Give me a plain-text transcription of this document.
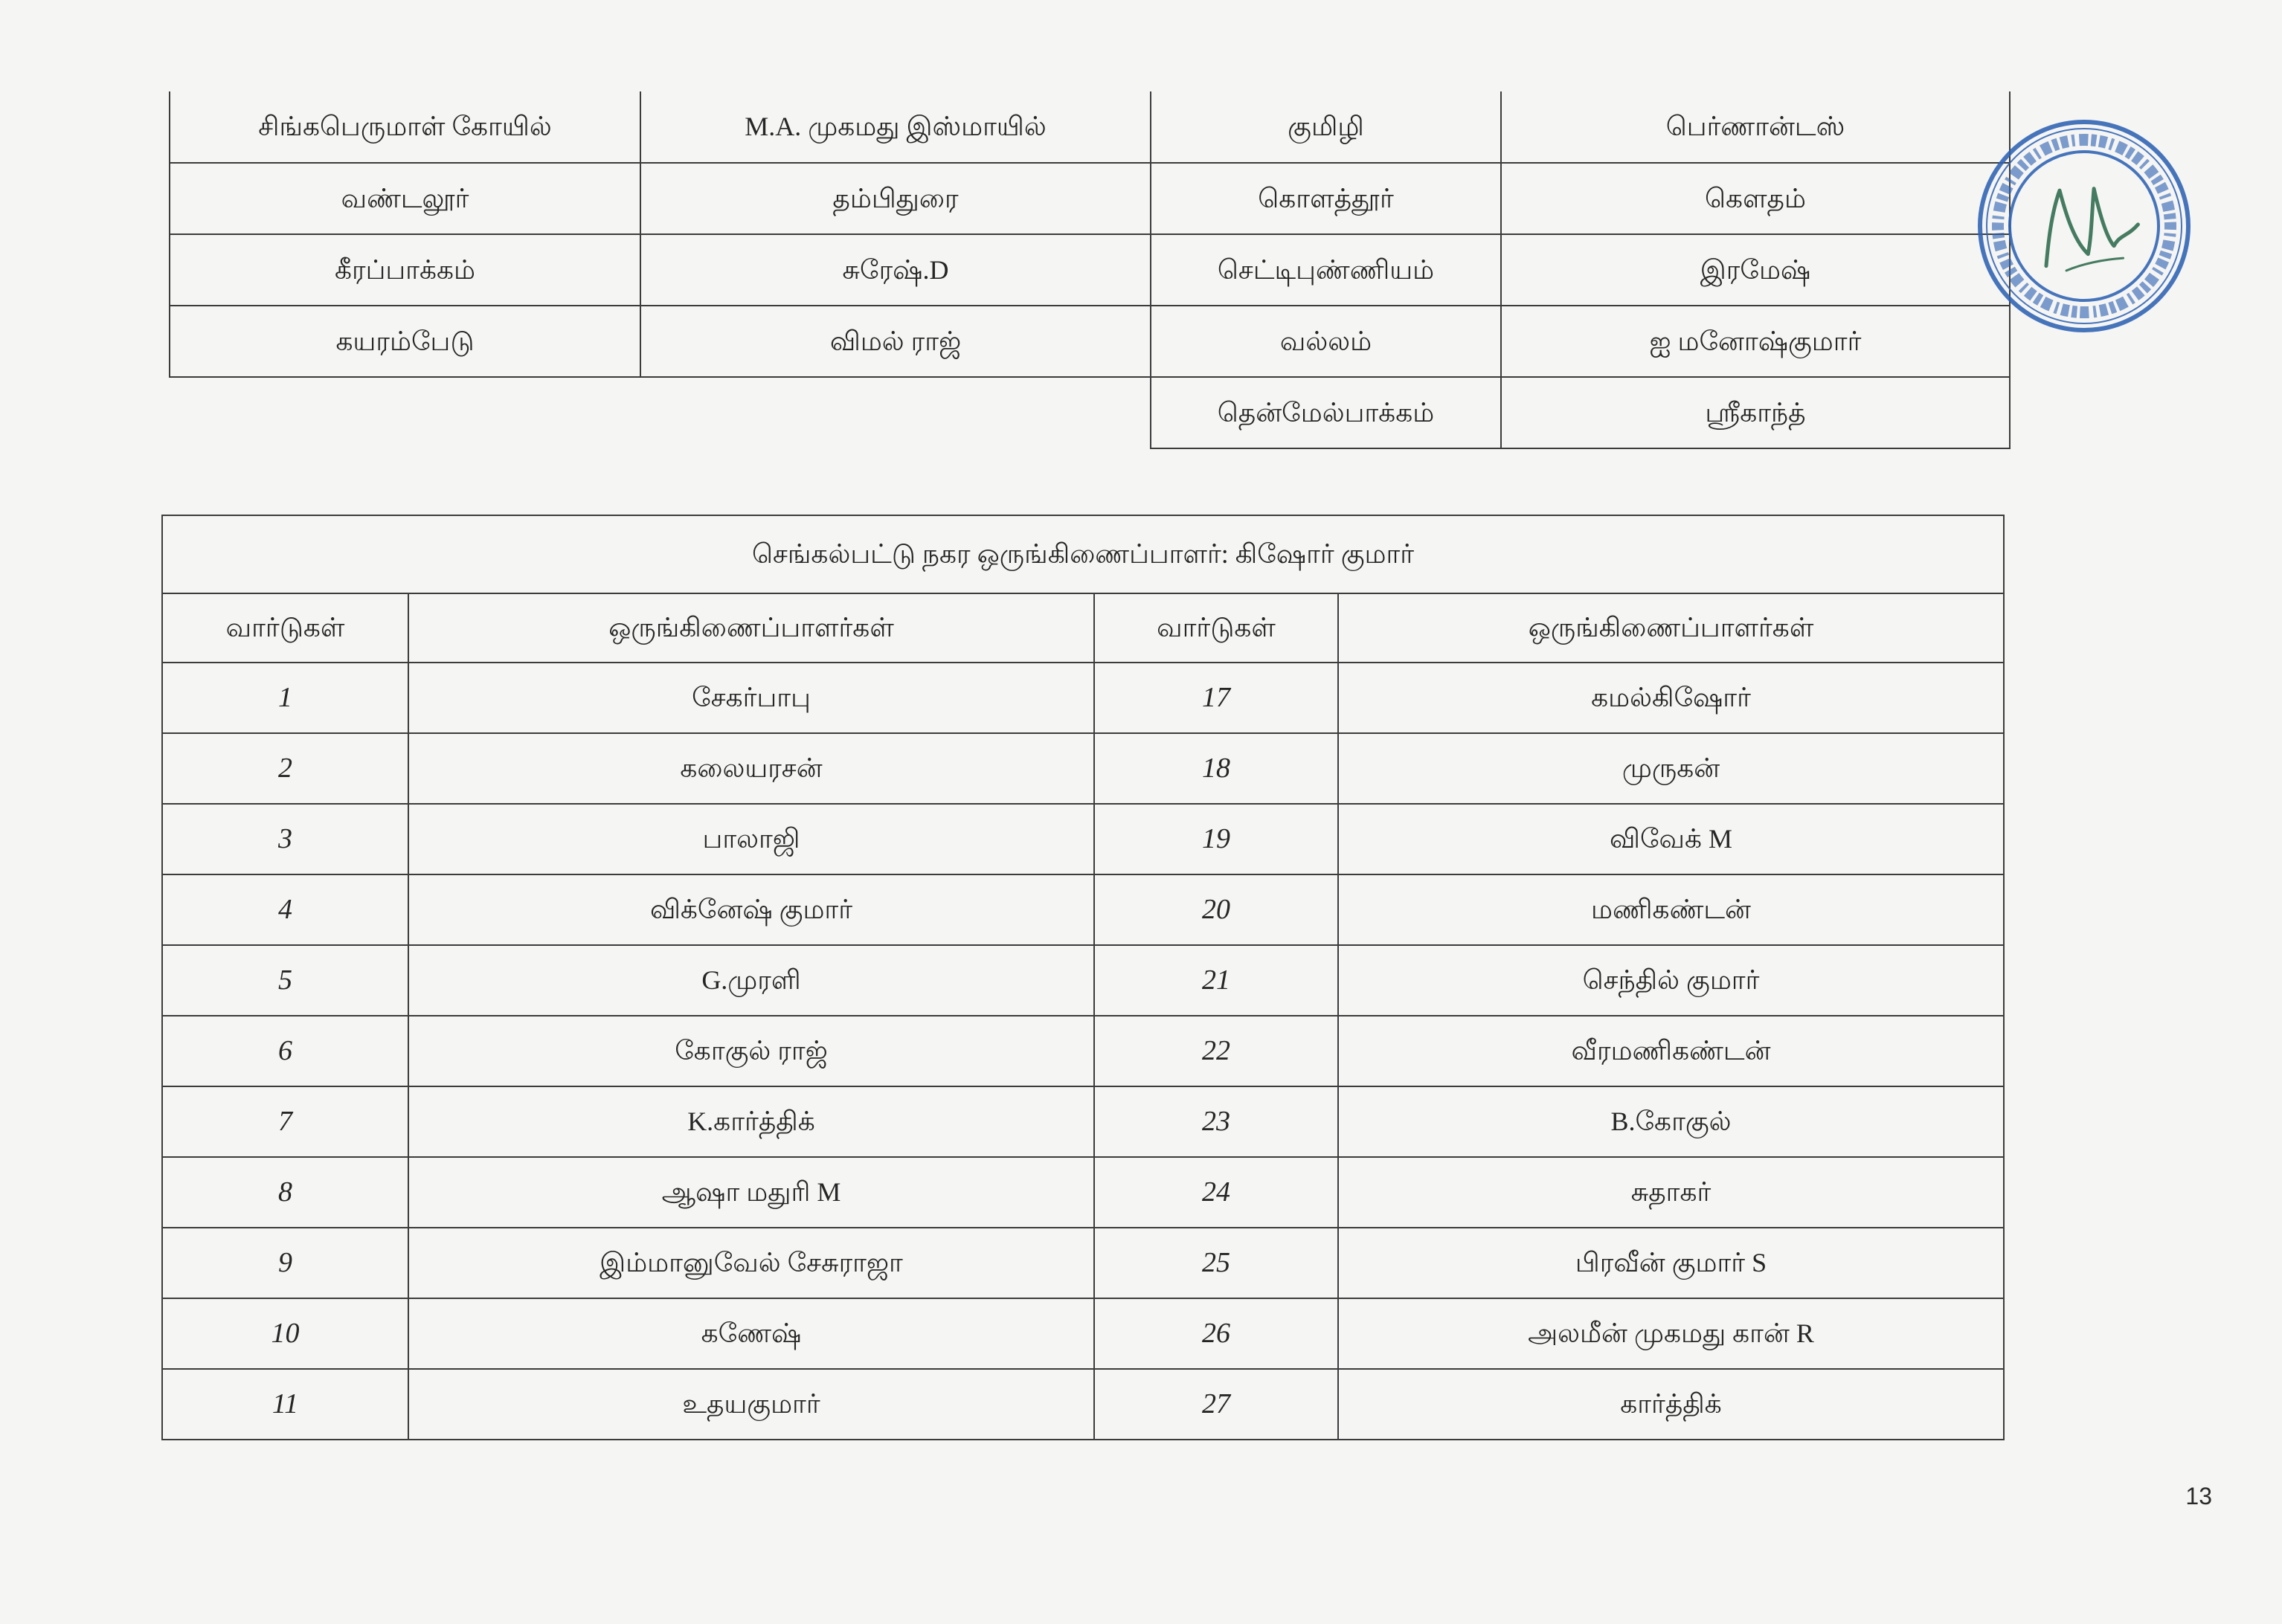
சிங்கபெருமாள் கோயில்	M.A. முகமது இஸ்மாயில்	குமிழி	பெர்ணான்டஸ்
வண்டலூர்	தம்பிதுரை	கொளத்தூர்	கௌதம்
கீரப்பாக்கம்	சுரேஷ்.D	செட்டிபுண்ணியம்	இரமேஷ்
கயரம்பேடு	விமல் ராஜ்	வல்லம்	ஐ மனோஷ்குமார்
		தென்மேல்பாக்கம்	ஸ்ரீகாந்த்
செங்கல்பட்டு நகர ஒருங்கிணைப்பாளர்: கிஷோர் குமார்			
வார்டுகள்	ஒருங்கிணைப்பாளர்கள்	வார்டுகள்	ஒருங்கிணைப்பாளர்கள்
1	சேகர்பாபு	17	கமல்கிஷோர்
2	கலையரசன்	18	முருகன்
3	பாலாஜி	19	விவேக் M
4	விக்னேஷ் குமார்	20	மணிகண்டன்
5	G.முரளி	21	செந்தில் குமார்
6	கோகுல் ராஜ்	22	வீரமணிகண்டன்
7	K.கார்த்திக்	23	B.கோகுல்
8	ஆஷா மதுரி M	24	சுதாகர்
9	இம்மானுவேல் சேசுராஜா	25	பிரவீன் குமார் S
10	கணேஷ்	26	அலமீன் முகமது கான் R
11	உதயகுமார்	27	கார்த்திக்
13
